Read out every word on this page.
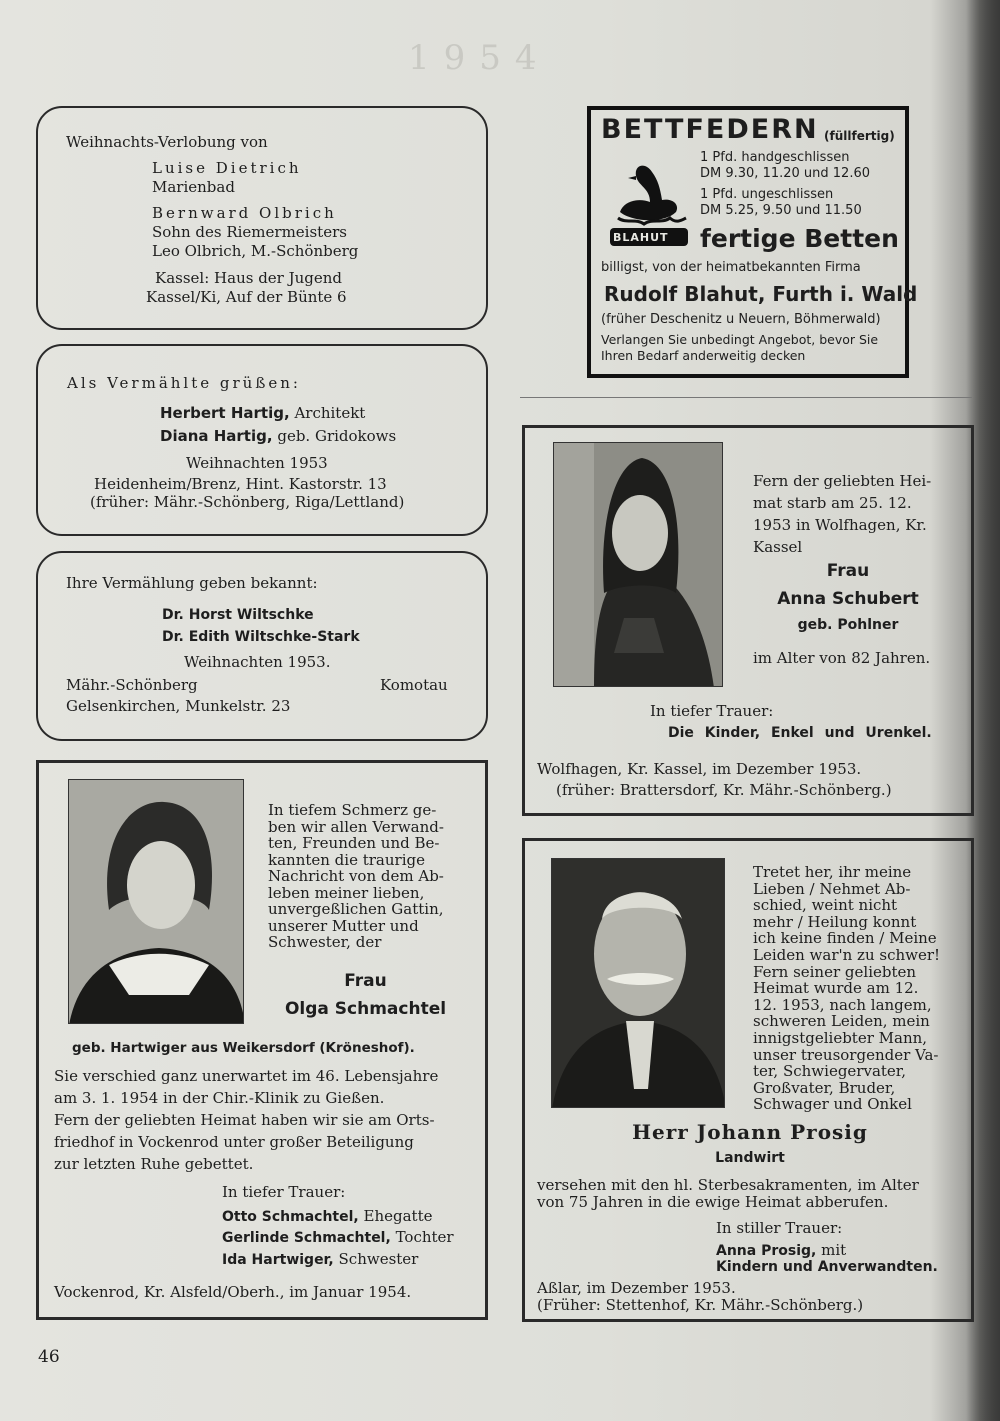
1954
Weihnachts-Verlobung von
Luise Dietrich
Marienbad
Bernward Olbrich
Sohn des Riemermeisters
Leo Olbrich, M.-Schönberg
Kassel: Haus der Jugend
Kassel/Ki, Auf der Bünte 6
Als Vermählte grüßen:
Herbert Hartig, Architekt
Diana Hartig, geb. Gridokows
Weihnachten 1953
Heidenheim/Brenz, Hint. Kastorstr. 13
(früher: Mähr.-Schönberg, Riga/Lettland)
Ihre Vermählung geben bekannt:
Dr. Horst Wiltschke
Dr. Edith Wiltschke-Stark
Weihnachten 1953.
Mähr.-Schönberg	Komotau
Gelsenkirchen, Munkelstr. 23
BETTFEDERN (füllfertig)
1 Pfd. handgeschlissen
DM 9.30, 11.20 und 12.60
1 Pfd. ungeschlissen
DM 5.25, 9.50 und 11.50
BLAHUT fertige Betten
billigst, von der heimatbekannten Firma
Rudolf Blahut, Furth i. Wald
(früher Deschenitz u Neuern, Böhmerwald)
Verlangen Sie unbedingt Angebot, bevor Sie
Ihren Bedarf anderweitig decken
Fern der geliebten Hei-
mat starb am 25. 12.
1953 in Wolfhagen, Kr.
Kassel
Frau
Anna Schubert
geb. Pohlner
im Alter von 82 Jahren.
In tiefer Trauer:
Die Kinder, Enkel und Urenkel.
Wolfhagen, Kr. Kassel, im Dezember 1953.
(früher: Brattersdorf, Kr. Mähr.-Schönberg.)
In tiefem Schmerz ge-
ben wir allen Verwand-
ten, Freunden und Be-
kannten die traurige
Nachricht von dem Ab-
leben meiner lieben,
unvergeßlichen Gattin,
unserer Mutter und
Schwester, der
Frau
Olga Schmachtel
geb. Hartwiger aus Weikersdorf (Kröneshof).
Sie verschied ganz unerwartet im 46. Lebensjahre
am 3. 1. 1954 in der Chir.-Klinik zu Gießen.
Fern der geliebten Heimat haben wir sie am Orts-
friedhof in Vockenrod unter großer Beteiligung
zur letzten Ruhe gebettet.
In tiefer Trauer:
Otto Schmachtel, Ehegatte
Gerlinde Schmachtel, Tochter
Ida Hartwiger, Schwester
Vockenrod, Kr. Alsfeld/Oberh., im Januar 1954.
Tretet her, ihr meine
Lieben / Nehmet Ab-
schied, weint nicht
mehr / Heilung konnt
ich keine finden / Meine
Leiden war'n zu schwer!
Fern seiner geliebten
Heimat wurde am 12.
12. 1953, nach langem,
schweren Leiden, mein
innigstgeliebter Mann,
unser treusorgender Va-
ter, Schwiegervater,
Großvater, Bruder,
Schwager und Onkel
Herr Johann Prosig
Landwirt
versehen mit den hl. Sterbesakramenten, im Alter
von 75 Jahren in die ewige Heimat abberufen.
In stiller Trauer:
Anna Prosig, mit
Kindern und Anverwandten.
Aßlar, im Dezember 1953.
(Früher: Stettenhof, Kr. Mähr.-Schönberg.)
46
